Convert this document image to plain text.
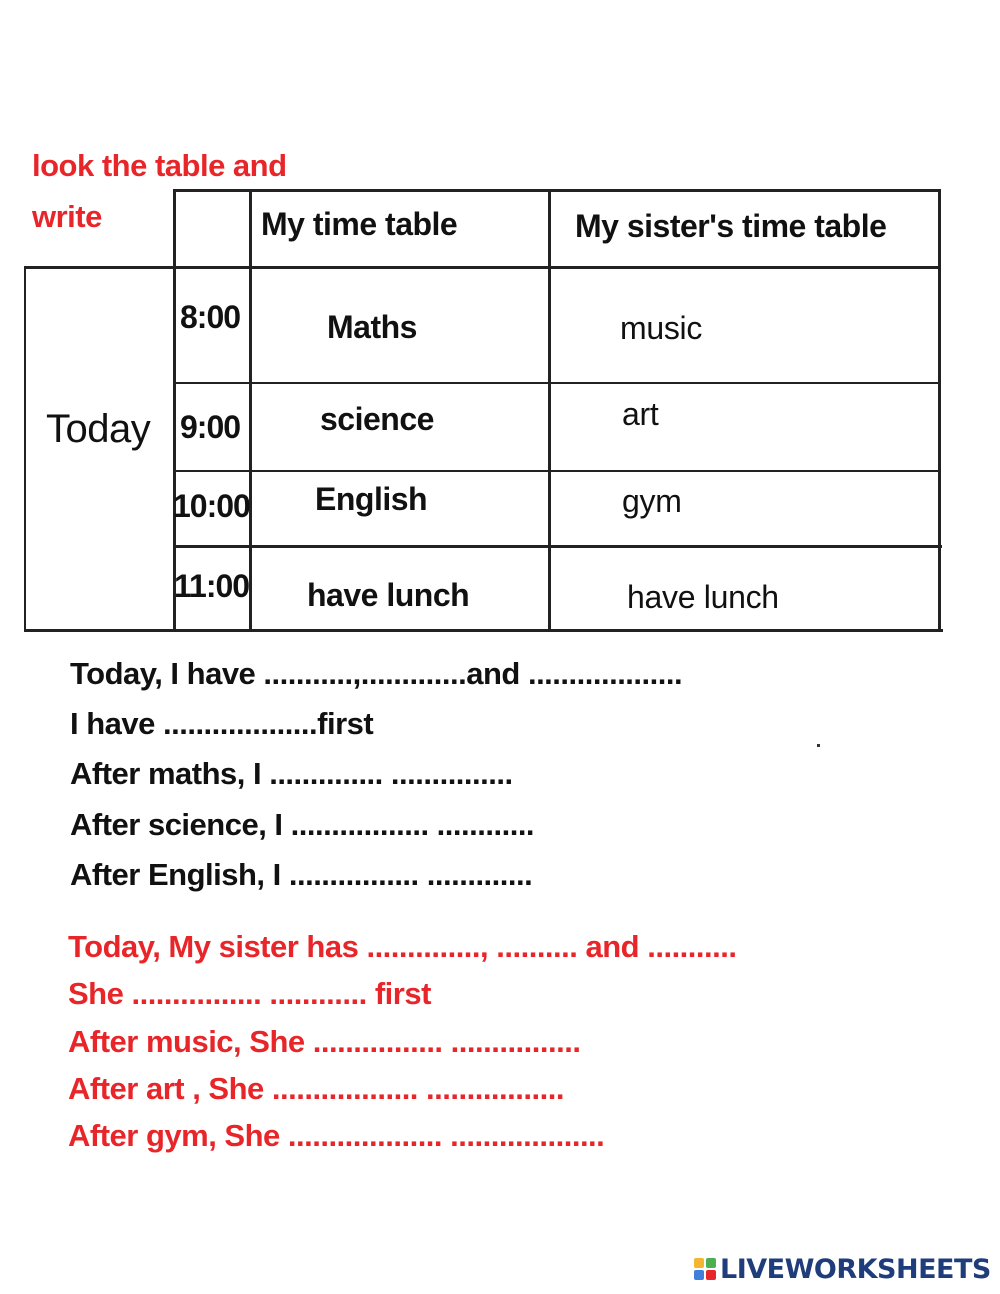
look the table and write	My time table	My sister's time table
Today
8:00
9:00
10:00
11:00
Maths
science
English
have lunch
music
art
gym
have lunch
Today, I have ...........,.............and ...................
I have ...................first
After maths, I .............. ...............
After science, I ................. ............
After English, I ................ .............
Today, My sister has .............., .......... and ...........
She ................ ............ first
After music, She ................ ................
After art , She .................. .................
After gym, She ................... ...................
LIVEWORKSHEETS
